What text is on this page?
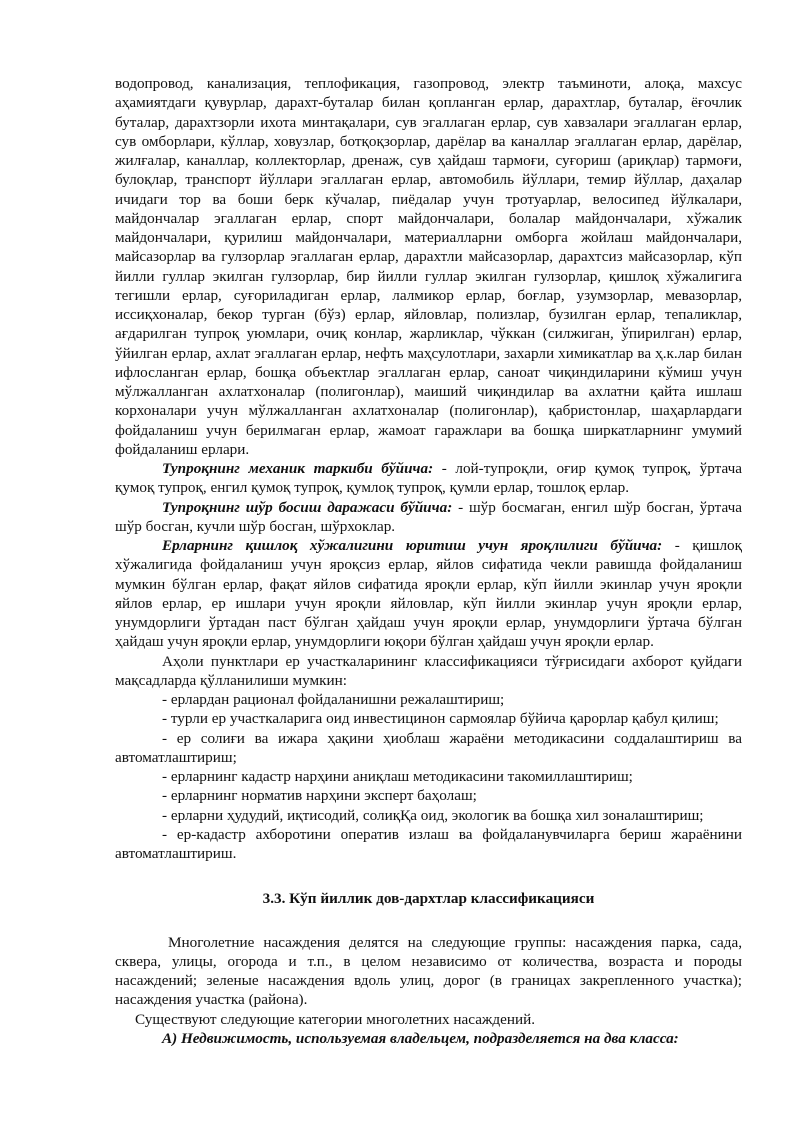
водопровод, канализация, теплофикация, газопровод, электр таъминоти, алоқа, махсус аҳамиятдаги қувурлар, дарахт-буталар билан қопланган ерлар, дарахтлар, буталар, ёғочлик буталар, дарахтзорли ихота минтақалари, сув эгаллаган ерлар, сув хавзалари эгаллаган ерлар, сув омборлари, кўллар, ховузлар, ботқоқзорлар, дарёлар ва каналлар эгаллаган ерлар, дарёлар, жилғалар, каналлар, коллекторлар, дренаж, сув ҳайдаш тармоғи, суғориш (ариқлар) тармоғи, булоқлар, транспорт йўллари эгаллаган ерлар, автомобиль йўллари, темир йўллар, даҳалар ичидаги тор ва боши берк кўчалар, пиёдалар учун тротуарлар, велосипед йўлкалари, майдончалар эгаллаган ерлар, спорт майдончалари, болалар майдончалари, хўжалик майдончалари, қурилиш майдончалари, материалларни омборга жойлаш майдончалари, майсазорлар ва гулзорлар эгаллаган ерлар, дарахтли майсазорлар, дарахтсиз майсазорлар, кўп йилли гуллар экилган гулзорлар, бир йилли гуллар экилган гулзорлар, қишлоқ хўжалигига тегишли ерлар, суғориладиган ерлар, лалмикор ерлар, боғлар, узумзорлар, мевазорлар, иссиқхоналар, бекор турган (бўз) ерлар, яйловлар, полизлар, бузилган ерлар, тепаликлар, ағдарилган тупроқ уюмлари, очиқ конлар, жарликлар, чўккан (силжиган, ўпирилган) ерлар, ўйилган ерлар, ахлат эгаллаган ерлар, нефть маҳсулотлари, захарли химикатлар ва ҳ.к.лар билан ифлосланган ерлар, бошқа объектлар эгаллаган ерлар, саноат чиқиндиларини кўмиш учун мўлжалланган ахлатхоналар (полигонлар), маиший чиқиндилар ва ахлатни қайта ишлаш корхоналари учун мўлжалланган ахлатхоналар (полигонлар), қабристонлар, шаҳарлардаги фойдаланиш учун берилмаган ерлар, жамоат гаражлари ва бошқа ширкатларнинг умумий фойдаланиш ерлари.

Тупроқнинг механик таркиби бўйича: - лой-тупроқли, оғир қумоқ тупроқ, ўртача қумоқ тупроқ, енгил қумоқ тупроқ, қумлоқ тупроқ, қумли ерлар, тошлоқ ерлар.

Тупроқнинг шўр босиш даражаси бўйича: - шўр босмаган, енгил шўр босган, ўртача шўр босган, кучли шўр босган, шўрхоклар.

Ерларнинг қишлоқ хўжалигини юритиш учун яроқлилиги бўйича: - қишлоқ хўжалигида фойдаланиш учун яроқсиз ерлар, яйлов сифатида чекли равишда фойдаланиш мумкин бўлган ерлар, фақат яйлов сифатида яроқли ерлар, кўп йилли экинлар учун яроқли яйлов ерлар, ер ишлари учун яроқли яйловлар, кўп йилли экинлар учун яроқли ерлар, унумдорлиги ўртадан паст бўлган ҳайдаш учун яроқли ерлар, унумдорлиги ўртача бўлган ҳайдаш учун яроқли ерлар, унумдорлиги юқори бўлган ҳайдаш учун яроқли ерлар.

Аҳоли пунктлари ер участкаларининг классификацияси тўғрисидаги ахборот қуйдаги мақсадларда қўлланилиши мумкин:

- ерлардан рационал фойдаланишни режалаштириш;

- турли ер участкаларига оид инвестицинон сармоялар бўйича қарорлар қабул қилиш;

- ер солиғи ва ижара ҳақини ҳиоблаш жараёни методикасини соддалаштириш ва автоматлаштириш;

- ерларнинг кадастр нарҳини аниқлаш методикасини такомиллаштириш;

- ерларнинг норматив нарҳини эксперт баҳолаш;

- ерларни ҳудудий, иқтисодий, солиқҚа оид, экологик ва бошқа хил зоналаштириш;

- ер-кадастр ахборотини оператив излаш ва фойдаланувчиларга бериш жараёнини автоматлаштириш.

3.3. Кўп йиллик дов-дархтлар классификацияси

Многолетние насаждения делятся на следующие группы: насаждения парка, сада, сквера, улицы, огорода и т.п., в целом независимо от количества, возраста и породы насаждений; зеленые насаждения вдоль улиц, дорог (в границах закрепленного участка); насаждения участка (района).

Существуют следующие категории многолетних насаждений.

А) Недвижимость, используемая владельцем, подразделяется на два класса:
